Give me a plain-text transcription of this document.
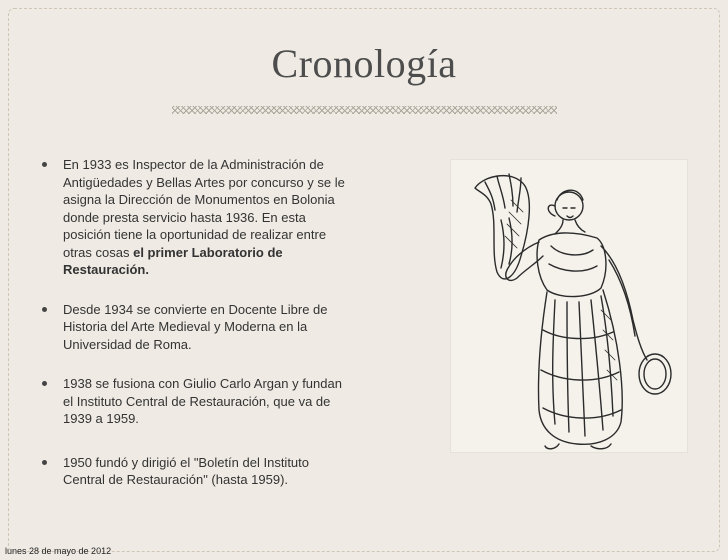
Cronología
En 1933 es Inspector de la Administración de Antigüedades y Bellas Artes por concurso y se le asigna la Dirección de Monumentos en Bolonia donde presta servicio hasta 1936. En esta posición tiene la oportunidad de realizar entre otras cosas el primer Laboratorio de Restauración.
Desde 1934 se convierte en Docente Libre de Historia del Arte Medieval y Moderna en la Universidad de Roma.
1938 se fusiona con Giulio Carlo Argan y fundan el Instituto Central de Restauración, que va de 1939 a 1959.
1950 fundó y dirigió el "Boletín del Instituto Central de Restauración" (hasta 1959).
lunes 28 de mayo de 2012
